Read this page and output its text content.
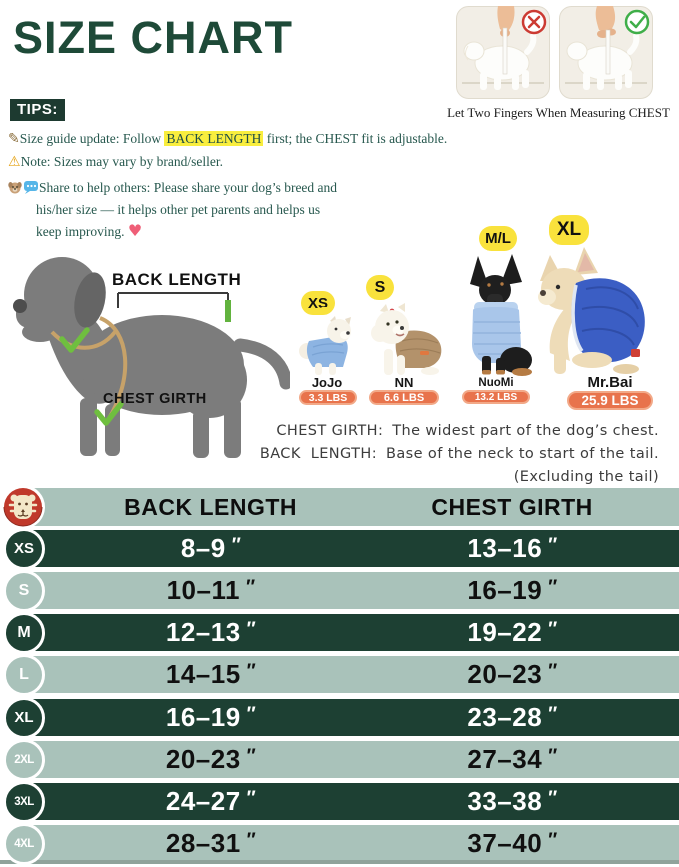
SIZE CHART
Let Two Fingers When Measuring CHEST
TIPS:

✎Size guide update: Follow BACK LENGTH first; the CHEST fit is adjustable.

⚠Note: Sizes may vary by brand/seller.

Share to help others: Please share your dog’s breed and

his/her size — it helps other pet parents and helps us

keep improving. ♥

BACK LENGTH
CHEST GIRTH
XS
JoJo
3.3 LBS
S
NN
6.6 LBS
M/L
NuoMi
13.2 LBS
XL
Mr.Bai
25.9 LBS
CHEST GIRTH: The widest part of the dog’s chest.
BACK  LENGTH: Base of the neck to start of the tail.
(Excluding the tail)
BACK LENGTH	CHEST GIRTH
XS	8–9 ″	13–16 ″
S	10–11 ″	16–19 ″
M	12–13 ″	19–22 ″
L	14–15 ″	20–23 ″
XL	16–19 ″	23–28 ″
2XL	20–23 ″	27–34 ″
3XL	24–27 ″	33–38 ″
4XL	28–31 ″	37–40 ″
